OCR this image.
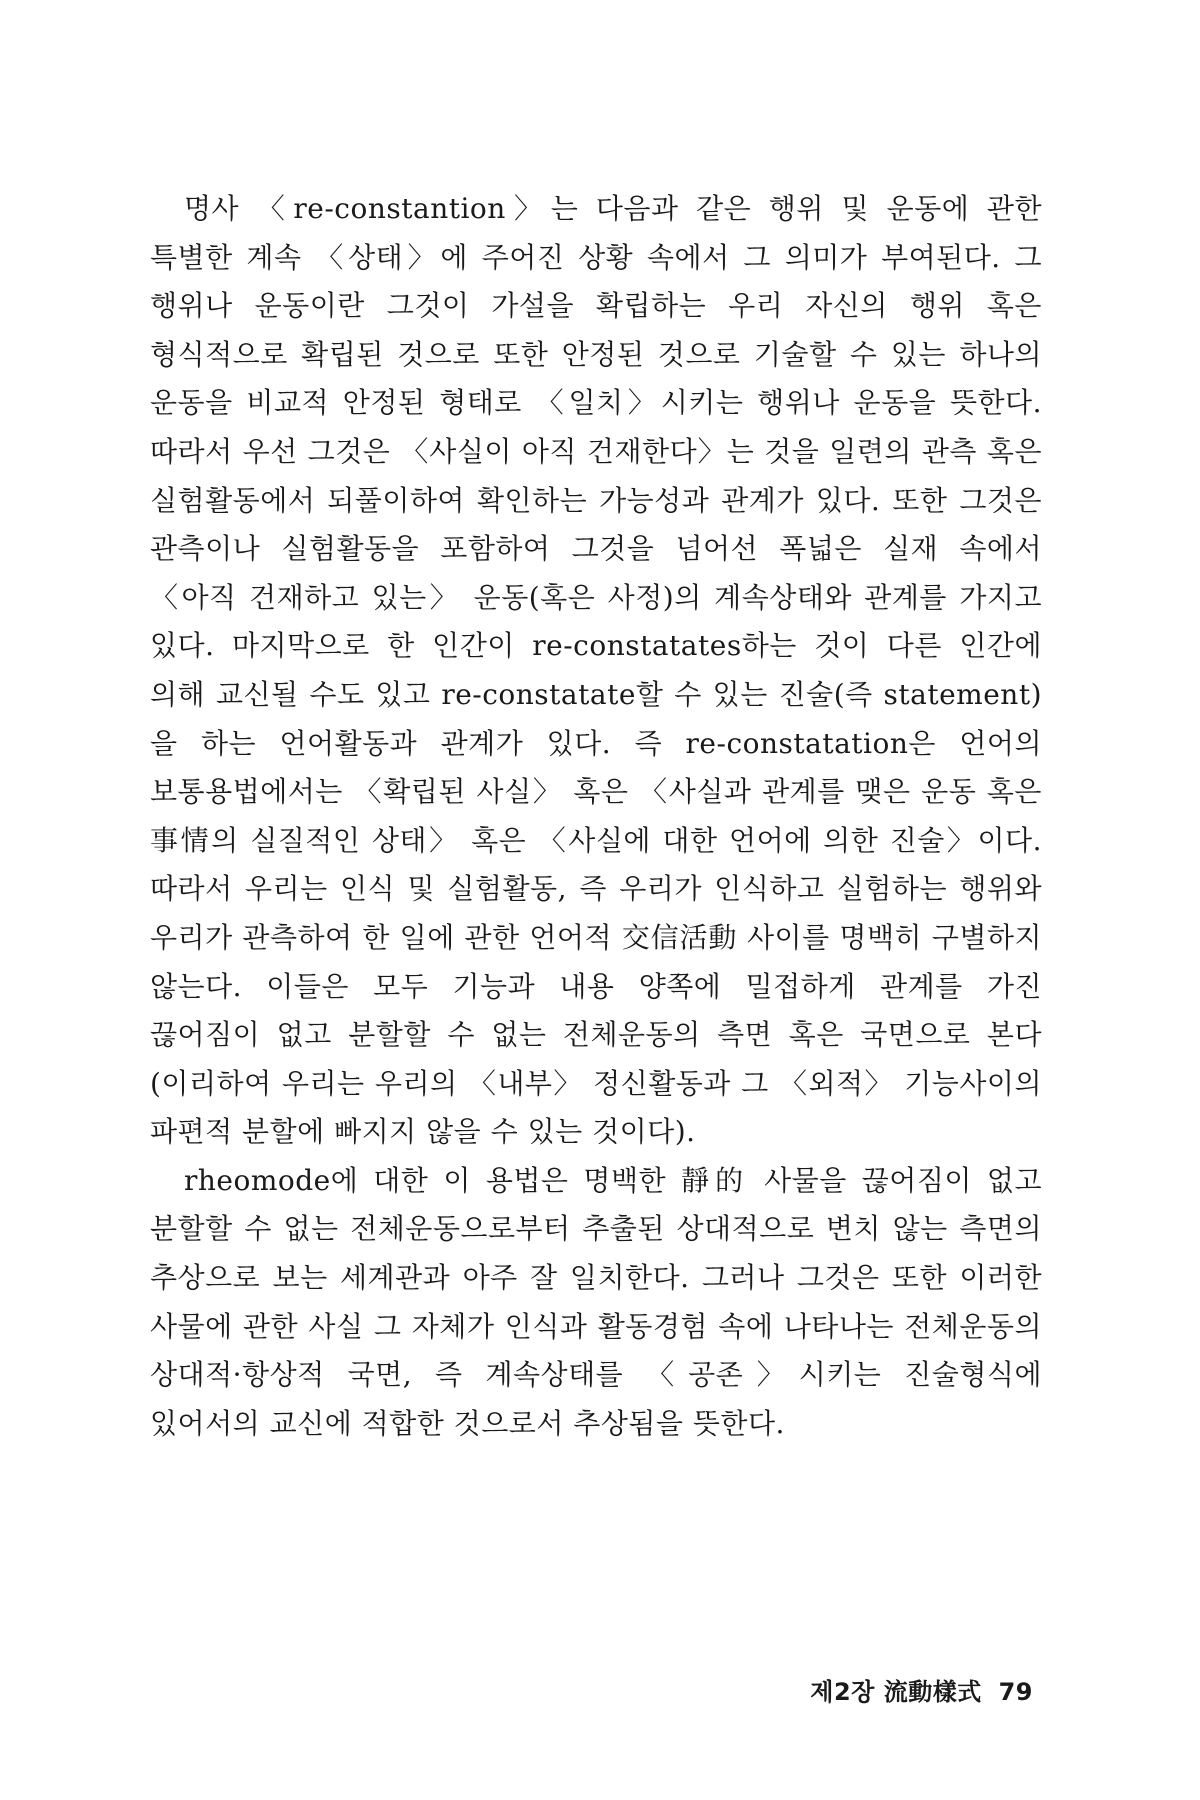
명사 〈re-constantion〉는 다음과 같은 행위 및 운동에 관한 특별한 계속 〈상태〉에 주어진 상황 속에서 그 의미가 부여된다. 그 행위나 운동이란 그것이 가설을 확립하는 우리 자신의 행위 혹은 형식적으로 확립된 것으로 또한 안정된 것으로 기술할 수 있는 하나의 운동을 비교적 안정된 형태로 〈일치〉시키는 행위나 운동을 뜻한다. 따라서 우선 그것은 〈사실이 아직 건재한다〉는 것을 일련의 관측 혹은 실험활동에서 되풀이하여 확인하는 가능성과 관계가 있다. 또한 그것은 관측이나 실험활동을 포함하여 그것을 넘어선 폭넓은 실재 속에서 〈아직 건재하고 있는〉 운동(혹은 사정)의 계속상태와 관계를 가지고 있다. 마지막으로 한 인간이 re-constatates하는 것이 다른 인간에 의해 교신될 수도 있고 re-constatate할 수 있는 진술(즉 statement)을 하는 언어활동과 관계가 있다. 즉 re-constatation은 언어의 보통용법에서는 〈확립된 사실〉 혹은 〈사실과 관계를 맺은 운동 혹은 事情의 실질적인 상태〉 혹은 〈사실에 대한 언어에 의한 진술〉이다. 따라서 우리는 인식 및 실험활동, 즉 우리가 인식하고 실험하는 행위와 우리가 관측하여 한 일에 관한 언어적 交信活動 사이를 명백히 구별하지 않는다. 이들은 모두 기능과 내용 양쪽에 밀접하게 관계를 가진 끊어짐이 없고 분할할 수 없는 전체운동의 측면 혹은 국면으로 본다(이리하여 우리는 우리의 〈내부〉 정신활동과 그 〈외적〉 기능사이의 파편적 분할에 빠지지 않을 수 있는 것이다).

rheomode에 대한 이 용법은 명백한 靜的 사물을 끊어짐이 없고 분할할 수 없는 전체운동으로부터 추출된 상대적으로 변치 않는 측면의 추상으로 보는 세계관과 아주 잘 일치한다. 그러나 그것은 또한 이러한 사물에 관한 사실 그 자체가 인식과 활동경험 속에 나타나는 전체운동의 상대적·항상적 국면, 즉 계속상태를 〈공존〉시키는 진술형식에 있어서의 교신에 적합한 것으로서 추상됨을 뜻한다.

제2장 流動樣式 79
